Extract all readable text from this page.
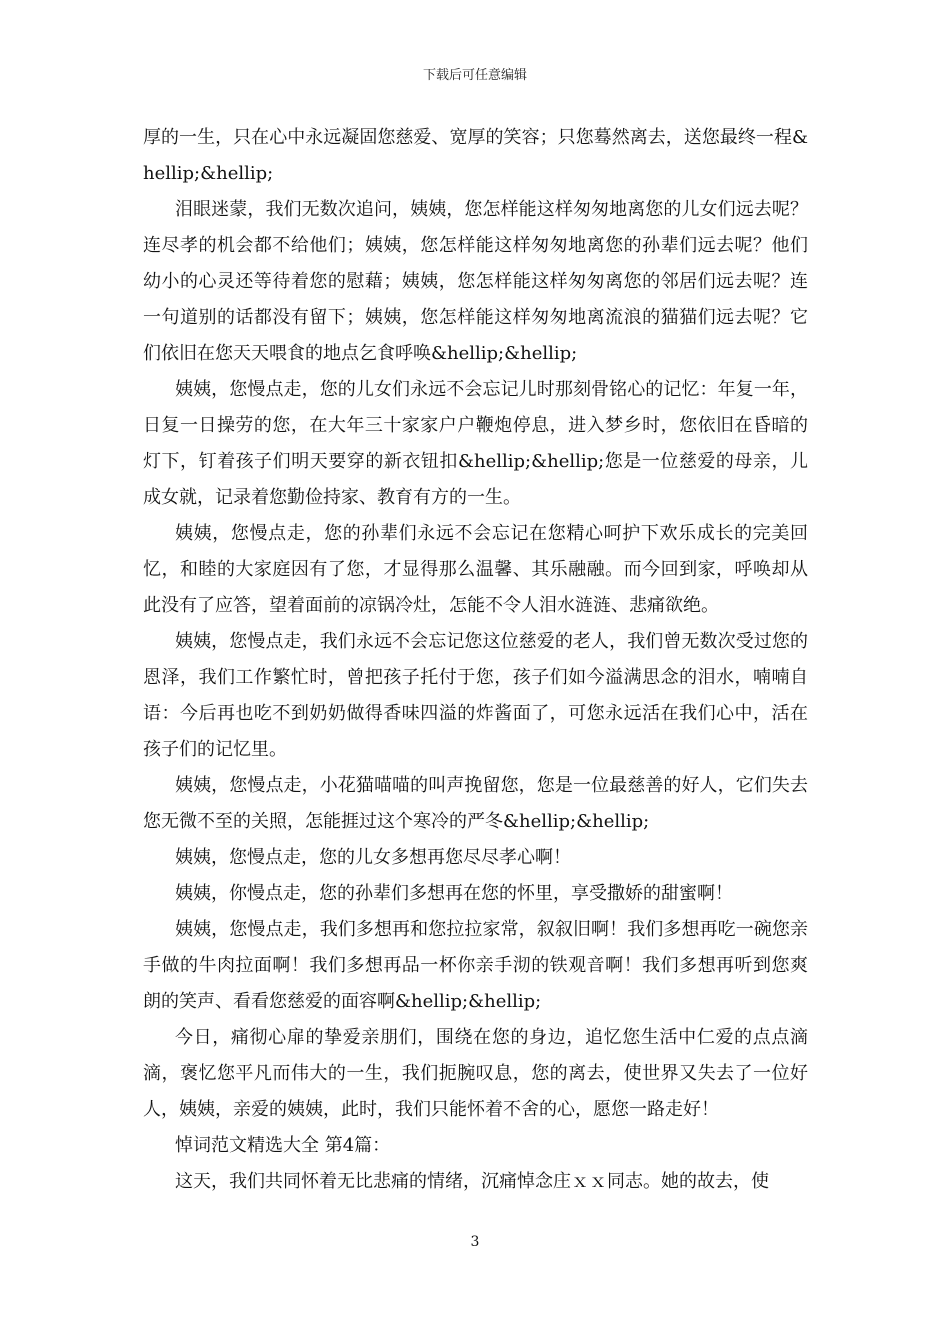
下载后可任意编辑

厚的一生，只在心中永远凝固您慈爱、宽厚的笑容；只您蓦然离去，送您最终一程&hellip;&hellip;

泪眼迷蒙，我们无数次追问，姨姨，您怎样能这样匆匆地离您的儿女们远去呢？连尽孝的机会都不给他们；姨姨，您怎样能这样匆匆地离您的孙辈们远去呢？他们幼小的心灵还等待着您的慰藉；姨姨，您怎样能这样匆匆离您的邻居们远去呢？连一句道别的话都没有留下；姨姨，您怎样能这样匆匆地离流浪的猫猫们远去呢？它们依旧在您天天喂食的地点乞食呼唤&hellip;&hellip;

姨姨，您慢点走，您的儿女们永远不会忘记儿时那刻骨铭心的记忆：年复一年，日复一日操劳的您，在大年三十家家户户鞭炮停息，进入梦乡时，您依旧在昏暗的灯下，钉着孩子们明天要穿的新衣钮扣&hellip;&hellip;您是一位慈爱的母亲，儿成女就，记录着您勤俭持家、教育有方的一生。

姨姨，您慢点走，您的孙辈们永远不会忘记在您精心呵护下欢乐成长的完美回忆，和睦的大家庭因有了您，才显得那么温馨、其乐融融。而今回到家，呼唤却从此没有了应答，望着面前的凉锅冷灶，怎能不令人泪水涟涟、悲痛欲绝。

姨姨，您慢点走，我们永远不会忘记您这位慈爱的老人，我们曾无数次受过您的恩泽，我们工作繁忙时，曾把孩子托付于您，孩子们如今溢满思念的泪水，喃喃自语：今后再也吃不到奶奶做得香味四溢的炸酱面了，可您永远活在我们心中，活在孩子们的记忆里。

姨姨，您慢点走，小花猫喵喵的叫声挽留您，您是一位最慈善的好人，它们失去您无微不至的关照，怎能捱过这个寒冷的严冬&hellip;&hellip;

姨姨，您慢点走，您的儿女多想再您尽尽孝心啊！

姨姨，你慢点走，您的孙辈们多想再在您的怀里，享受撒娇的甜蜜啊！

姨姨，您慢点走，我们多想再和您拉拉家常，叙叙旧啊！我们多想再吃一碗您亲手做的牛肉拉面啊！我们多想再品一杯你亲手沏的铁观音啊！我们多想再听到您爽朗的笑声、看看您慈爱的面容啊&hellip;&hellip;

今日，痛彻心扉的挚爱亲朋们，围绕在您的身边，追忆您生活中仁爱的点点滴滴，褒忆您平凡而伟大的一生，我们扼腕叹息，您的离去，使世界又失去了一位好人，姨姨，亲爱的姨姨，此时，我们只能怀着不舍的心，愿您一路走好！

悼词范文精选大全 第4篇：

这天，我们共同怀着无比悲痛的情绪，沉痛悼念庄ｘｘ同志。她的故去，使

3
